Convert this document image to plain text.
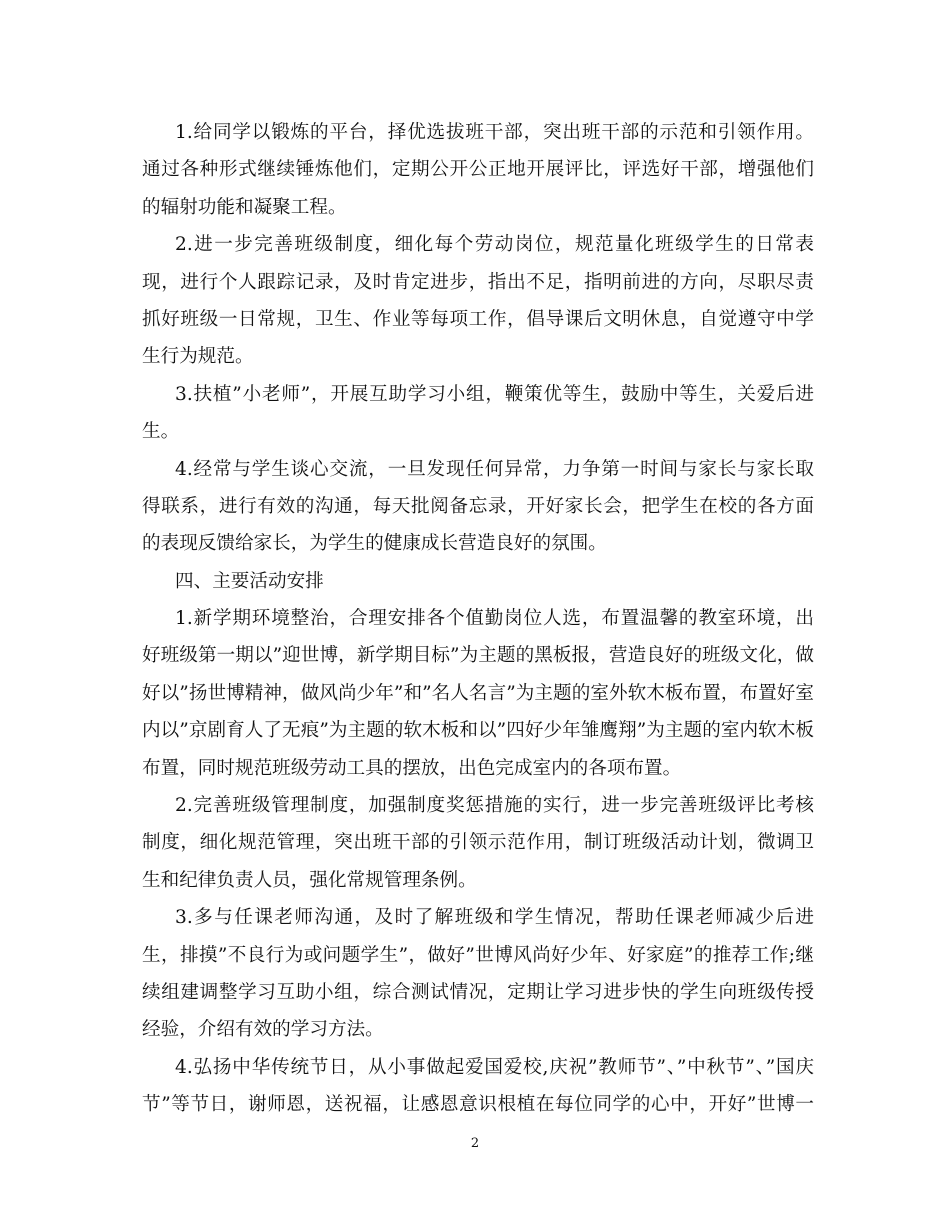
1.给同学以锻炼的平台，择优选拔班干部，突出班干部的示范和引领作用。
通过各种形式继续锤炼他们，定期公开公正地开展评比，评选好干部，增强他们
的辐射功能和凝聚工程。
2.进一步完善班级制度，细化每个劳动岗位，规范量化班级学生的日常表
现，进行个人跟踪记录，及时肯定进步，指出不足，指明前进的方向，尽职尽责
抓好班级一日常规，卫生、作业等每项工作，倡导课后文明休息，自觉遵守中学
生行为规范。
3.扶植”小老师”，开展互助学习小组，鞭策优等生，鼓励中等生，关爱后进
生。
4.经常与学生谈心交流，一旦发现任何异常，力争第一时间与家长与家长取
得联系，进行有效的沟通，每天批阅备忘录，开好家长会，把学生在校的各方面
的表现反馈给家长，为学生的健康成长营造良好的氛围。
四、主要活动安排
1.新学期环境整治，合理安排各个值勤岗位人选，布置温馨的教室环境，出
好班级第一期以”迎世博，新学期目标”为主题的黑板报，营造良好的班级文化，做
好以”扬世博精神，做风尚少年”和”名人名言”为主题的室外软木板布置，布置好室
内以”京剧育人了无痕”为主题的软木板和以”四好少年雏鹰翔”为主题的室内软木板
布置，同时规范班级劳动工具的摆放，出色完成室内的各项布置。
2.完善班级管理制度，加强制度奖惩措施的实行，进一步完善班级评比考核
制度，细化规范管理，突出班干部的引领示范作用，制订班级活动计划，微调卫
生和纪律负责人员，强化常规管理条例。
3.多与任课老师沟通，及时了解班级和学生情况，帮助任课老师减少后进
生，排摸”不良行为或问题学生”，做好”世博风尚好少年、好家庭”的推荐工作;继
续组建调整学习互助小组，综合测试情况，定期让学习进步快的学生向班级传授
经验，介绍有效的学习方法。
4.弘扬中华传统节日，从小事做起爱国爱校,庆祝”教师节”、”中秋节”、”国庆
节”等节日，谢师恩，送祝福，让感恩意识根植在每位同学的心中，开好”世博一
2
